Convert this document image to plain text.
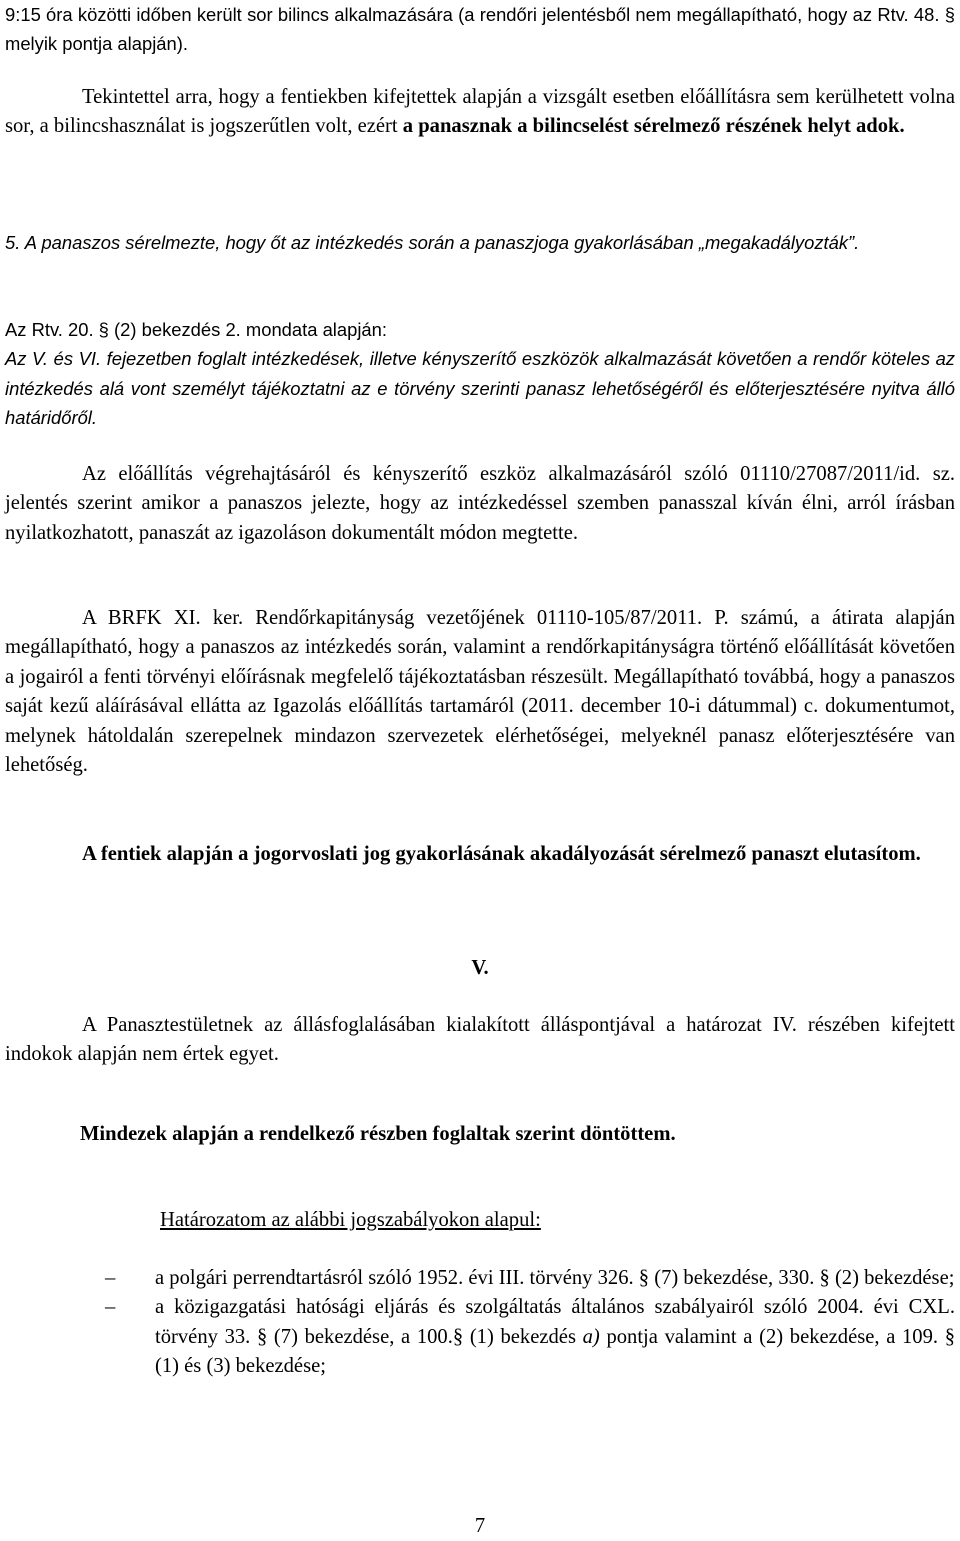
9:15 óra közötti időben került sor bilincs alkalmazására (a rendőri jelentésből nem megállapítható, hogy az Rtv. 48. § melyik pontja alapján).

Tekintettel arra, hogy a fentiekben kifejtettek alapján a vizsgált esetben előállításra sem kerülhetett volna sor, a bilincshasználat is jogszerűtlen volt, ezért a panasznak a bilincselést sérelmező részének helyt adok.

5. A panaszos sérelmezte, hogy őt az intézkedés során a panaszjoga gyakorlásában „megakadályozták”.

Az Rtv. 20. § (2) bekezdés 2. mondata alapján:
Az V. és VI. fejezetben foglalt intézkedések, illetve kényszerítő eszközök alkalmazását követően a rendőr köteles az intézkedés alá vont személyt tájékoztatni az e törvény szerinti panasz lehetőségéről és előterjesztésére nyitva álló határidőről.

Az előállítás végrehajtásáról és kényszerítő eszköz alkalmazásáról szóló 01110/27087/2011/id. sz. jelentés szerint amikor a panaszos jelezte, hogy az intézkedéssel szemben panasszal kíván élni, arról írásban nyilatkozhatott, panaszát az igazoláson dokumentált módon megtette.

A BRFK XI. ker. Rendőrkapitányság vezetőjének 01110-105/87/2011. P. számú, a átirata alapján megállapítható, hogy a panaszos az intézkedés során, valamint a rendőrkapitányságra történő előállítását követően a jogairól a fenti törvényi előírásnak megfelelő tájékoztatásban részesült. Megállapítható továbbá, hogy a panaszos saját kezű aláírásával ellátta az Igazolás előállítás tartamáról (2011. december 10-i dátummal) c. dokumentumot, melynek hátoldalán szerepelnek mindazon szervezetek elérhetőségei, melyeknél panasz előterjesztésére van lehetőség.

A fentiek alapján a jogorvoslati jog gyakorlásának akadályozását sérelmező panaszt elutasítom.

V.

A Panasztestületnek az állásfoglalásában kialakított álláspontjával a határozat IV. részében kifejtett indokok alapján nem értek egyet.

Mindezek alapján a rendelkező részben foglaltak szerint döntöttem.

Határozatom az alábbi jogszabályokon alapul:

– a polgári perrendtartásról szóló 1952. évi III. törvény 326. § (7) bekezdése, 330. § (2) bekezdése;
– a közigazgatási hatósági eljárás és szolgáltatás általános szabályairól szóló 2004. évi CXL. törvény 33. § (7) bekezdése, a 100.§ (1) bekezdés a) pontja valamint a (2) bekezdése, a 109. § (1) és (3) bekezdése;
7
